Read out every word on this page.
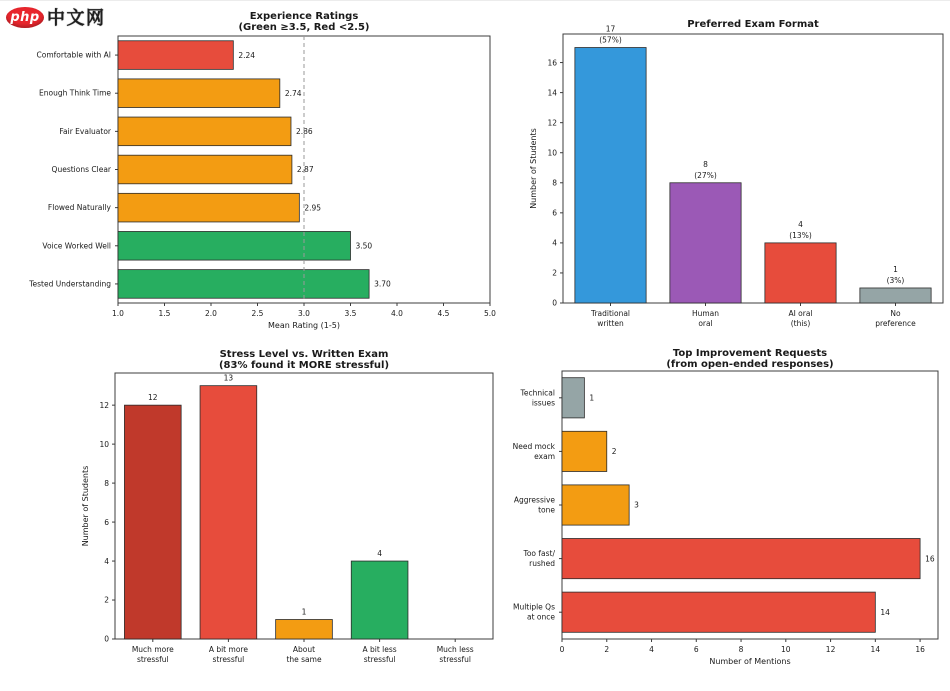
php 中文网	Experience Ratings
(Green ≥3.5, Red <2.5)
1.0	1.5	2.0	2.5	3.0	3.5	4.0	4.5	5.0
Mean Rating (1-5)
Comfortable with AI	2.24
Enough Think Time	2.74
Fair Evaluator	2.86
Questions Clear	2.87
Flowed Naturally	2.95
Voice Worked Well	3.50
Tested Understanding	3.70
Preferred Exam Format
0
2
4
6
8
10
12
14
16
Number of Students
Traditional
written
17
(57%)
Human
oral
8
(27%)
AI oral
(this)
4
(13%)
No
preference
1
(3%)
Stress Level vs. Written Exam
(83% found it MORE stressful)
0
2
4
6
8
10
12
Number of Students
Much more
stressful
12
A bit more
stressful
13
About
the same
1
A bit less
stressful
4
Much less
stressful
Top Improvement Requests
(from open-ended responses)
0	2	4	6	8	10	12	14	16
Number of Mentions
Technical
issues
1
Need mock
exam
2
Aggressive
tone
3
Too fast/
rushed
16
Multiple Qs
at once
14
